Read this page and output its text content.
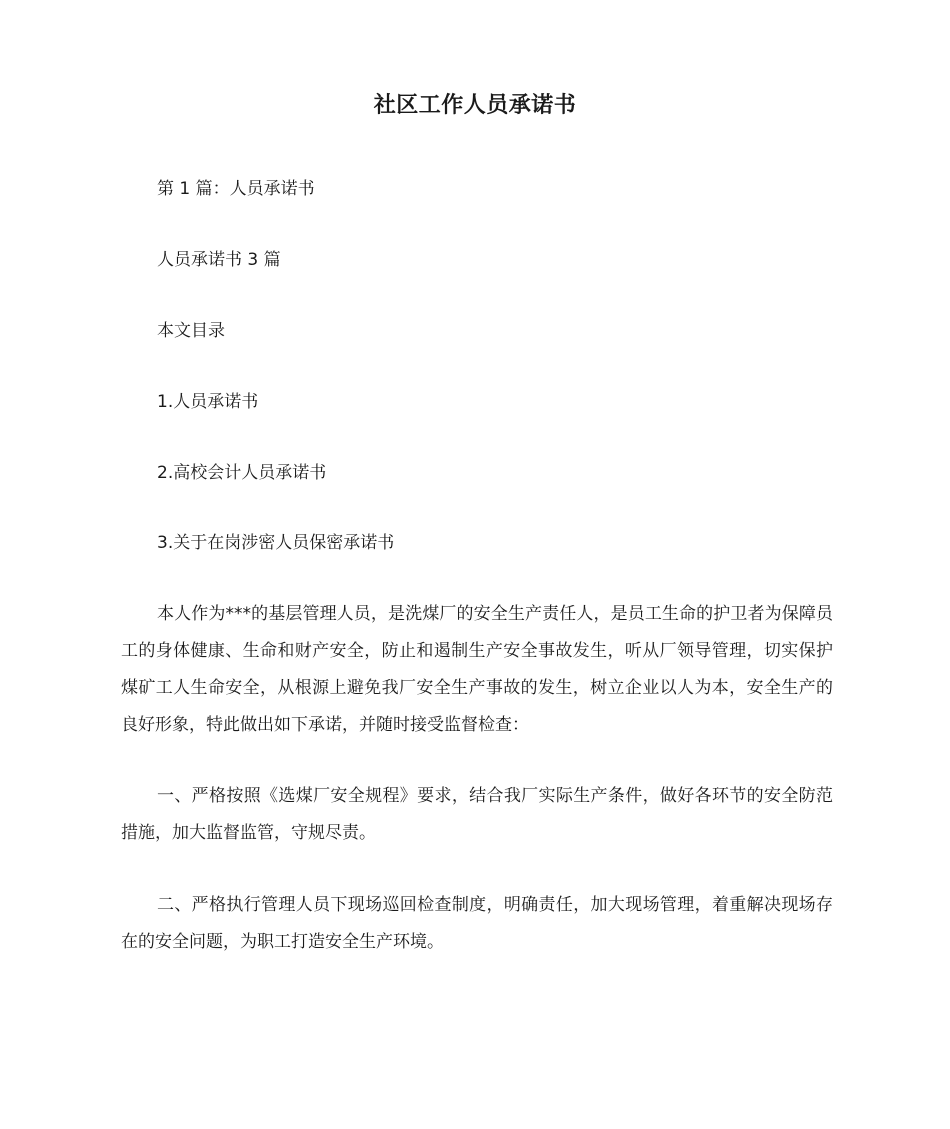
社区工作人员承诺书
第 1 篇：人员承诺书
人员承诺书 3 篇
本文目录
1.人员承诺书
2.高校会计人员承诺书
3.关于在岗涉密人员保密承诺书

本人作为***的基层管理人员，是洗煤厂的安全生产责任人，是员工生命的护卫者为保障员工的身体健康、生命和财产安全，防止和遏制生产安全事故发生，听从厂领导管理，切实保护煤矿工人生命安全，从根源上避免我厂安全生产事故的发生，树立企业以人为本，安全生产的良好形象，特此做出如下承诺，并随时接受监督检查：

一、严格按照《选煤厂安全规程》要求，结合我厂实际生产条件，做好各环节的安全防范措施，加大监督监管，守规尽责。

二、严格执行管理人员下现场巡回检查制度，明确责任，加大现场管理，着重解决现场存在的安全问题，为职工打造安全生产环境。
